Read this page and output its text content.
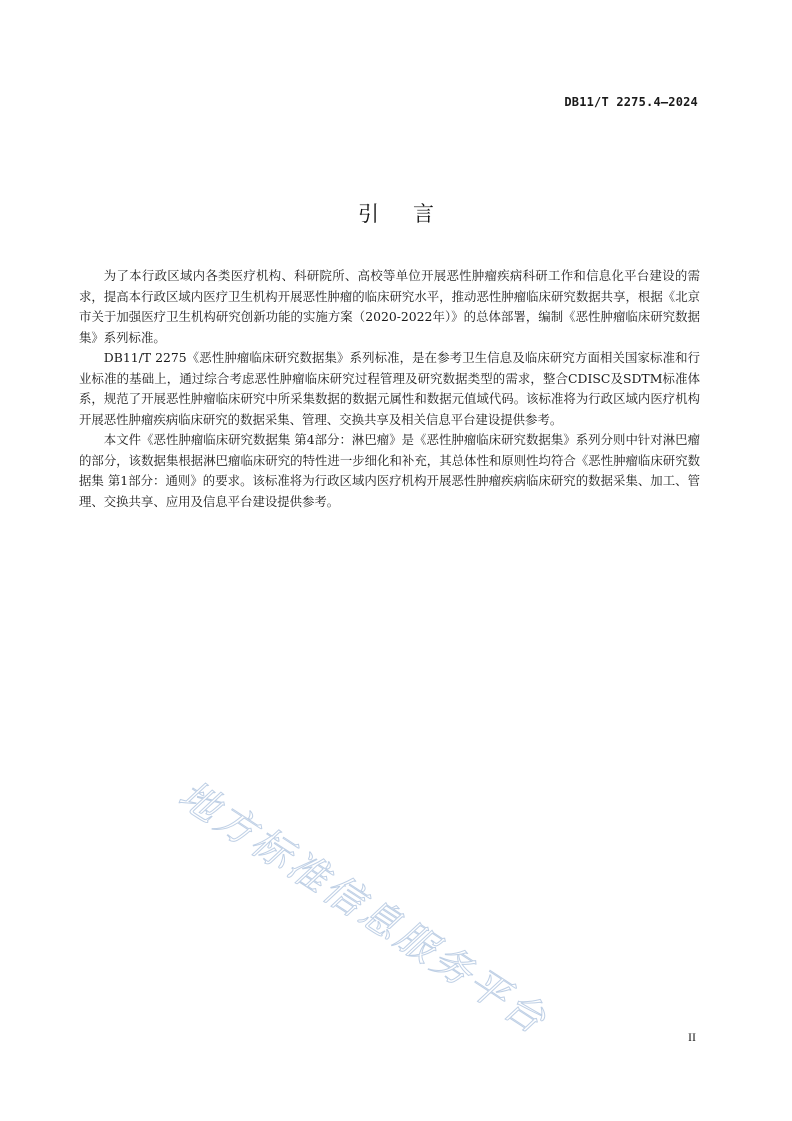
DB11/T 2275.4—2024
引言

为了本行政区域内各类医疗机构、科研院所、高校等单位开展恶性肿瘤疾病科研工作和信息化平台建设的需求，提高本行政区域内医疗卫生机构开展恶性肿瘤的临床研究水平，推动恶性肿瘤临床研究数据共享，根据《北京市关于加强医疗卫生机构研究创新功能的实施方案（2020-2022年）》的总体部署，编制《恶性肿瘤临床研究数据集》系列标准。

DB11/T 2275《恶性肿瘤临床研究数据集》系列标准，是在参考卫生信息及临床研究方面相关国家标准和行业标准的基础上，通过综合考虑恶性肿瘤临床研究过程管理及研究数据类型的需求，整合CDISC及SDTM标准体系，规范了开展恶性肿瘤临床研究中所采集数据的数据元属性和数据元值域代码。该标准将为行政区域内医疗机构开展恶性肿瘤疾病临床研究的数据采集、管理、交换共享及相关信息平台建设提供参考。

本文件《恶性肿瘤临床研究数据集 第4部分：淋巴瘤》是《恶性肿瘤临床研究数据集》系列分则中针对淋巴瘤的部分，该数据集根据淋巴瘤临床研究的特性进一步细化和补充，其总体性和原则性均符合《恶性肿瘤临床研究数据集 第1部分：通则》的要求。该标准将为行政区域内医疗机构开展恶性肿瘤疾病临床研究的数据采集、加工、管理、交换共享、应用及信息平台建设提供参考。

地方标准信息服务平台	II
